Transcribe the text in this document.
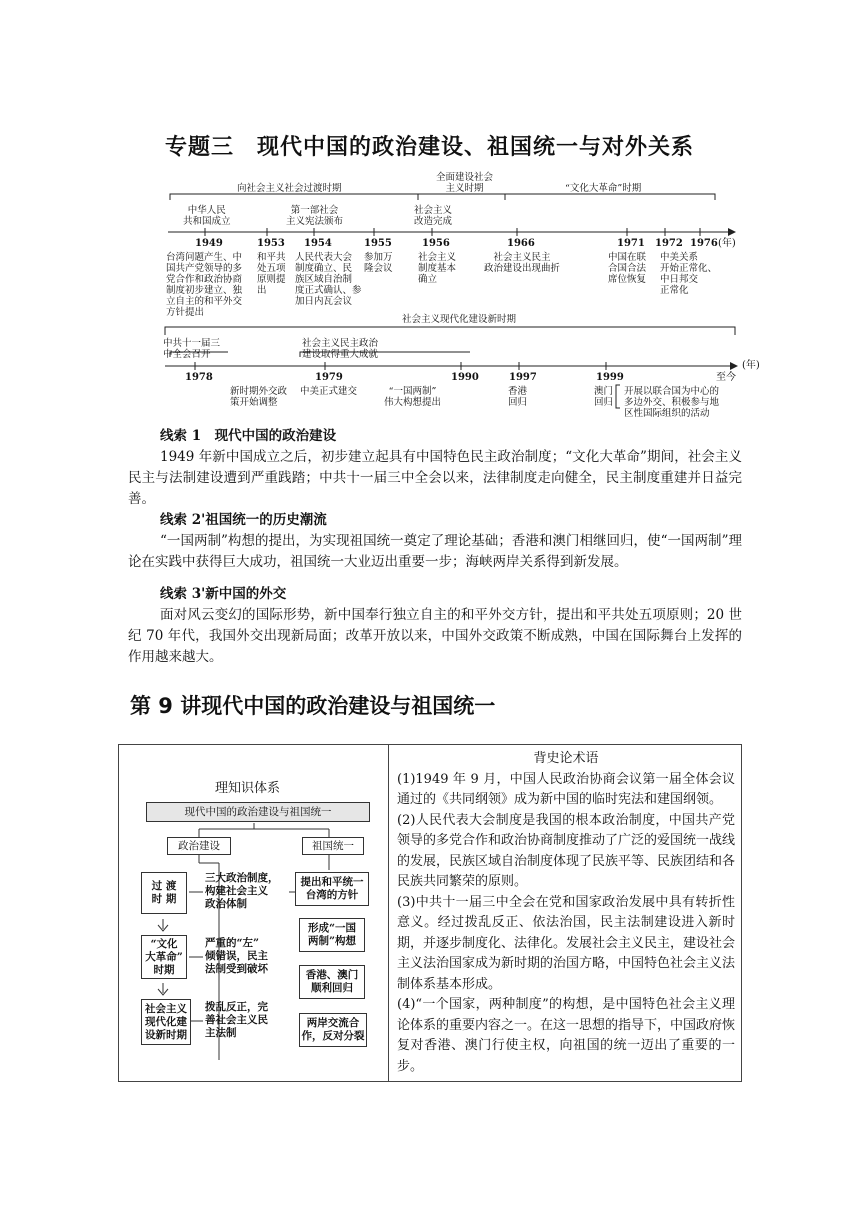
专题三　现代中国的政治建设、祖国统一与对外关系
向社会主义社会过渡时期
全面建设社会
主义时期	“文化大革命”时期
中华人民
共和国成立
第一部社会
主义宪法颁布
社会主义
改造完成
1949	1953 1954	1955	1956	1966	1971 1972 1976 (年)
台湾问题产生、中
国共产党领导的多
党合作和政治协商
制度初步建立、独
立自主的和平外交
方针提出
和平共
处五项
原则提
出
人民代表大会
制度确立、民
族区域自治制
度正式确认、参
加日内瓦会议
参加万
隆会议
社会主义
制度基本
确立
社会主义民主
政治建设出现曲折
中国在联
合国合法
席位恢复
中美关系
开始正常化、
中日邦交
正常化
社会主义现代化建设新时期
中共十一届三
中全会召开
社会主义民主政治
建设取得重大成就
1978	1979	1990	1997	1999	至今
(年)
新时期外交政
策开始调整
中美正式建交	“一国两制”
伟大构想提出
香港
回归
澳门
回归
开展以联合国为中心的
多边外交、积极参与地
区性国际组织的活动
线索 1　现代中国的政治建设
1949 年新中国成立之后，初步建立起具有中国特色民主政治制度；“文化大革命”期间，社会主义民主与法制建设遭到严重践踏；中共十一届三中全会以来，法律制度走向健全，民主制度重建并日益完善。
线索 2'祖国统一的历史潮流
“一国两制”构想的提出，为实现祖国统一奠定了理论基础；香港和澳门相继回归，使“一国两制”理论在实践中获得巨大成功，祖国统一大业迈出重要一步；海峡两岸关系得到新发展。
线索 3'新中国的外交
面对风云变幻的国际形势，新中国奉行独立自主的和平外交方针，提出和平共处五项原则；20 世纪 70 年代，我国外交出现新局面；改革开放以来，中国外交政策不断成熟，中国在国际舞台上发挥的作用越来越大。
第 9 讲现代中国的政治建设与祖国统一
理知识体系
现代中国的政治建设与祖国统一
政治建设	祖国统一
过 渡
时 期
“文化
大革命”
时期
社会主义
现代化建
设新时期
三大政治制度，
构建社会主义
政治体制
严重的“左”
倾错误，民主
法制受到破坏
拨乱反正，完
善社会主义民
主法制
提出和平统一
台湾的方针
形成“一国
两制”构想
香港、澳门
顺利回归
两岸交流合
作，反对分裂
背史论术语
(1)1949 年 9 月，中国人民政治协商会议第一届全体会议通过的《共同纲领》成为新中国的临时宪法和建国纲领。
(2)人民代表大会制度是我国的根本政治制度，中国共产党领导的多党合作和政治协商制度推动了广泛的爱国统一战线的发展，民族区域自治制度体现了民族平等、民族团结和各民族共同繁荣的原则。
(3)中共十一届三中全会在党和国家政治发展中具有转折性意义。经过拨乱反正、依法治国，民主法制建设进入新时期，并逐步制度化、法律化。发展社会主义民主，建设社会主义法治国家成为新时期的治国方略，中国特色社会主义法制体系基本形成。
(4)“一个国家，两种制度”的构想，是中国特色社会主义理论体系的重要内容之一。在这一思想的指导下，中国政府恢复对香港、澳门行使主权，向祖国的统一迈出了重要的一步。
